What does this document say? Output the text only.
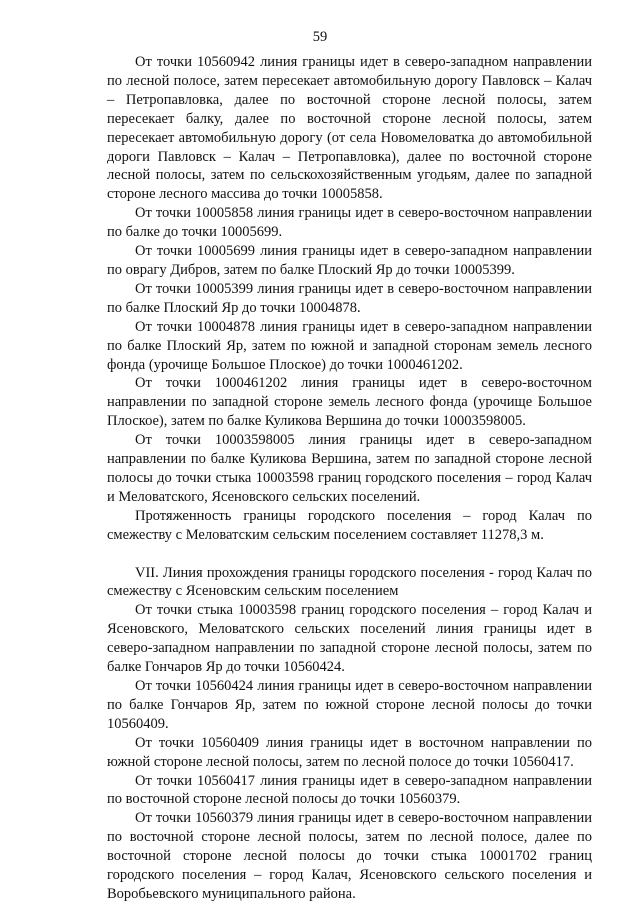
59

От точки 10560942 линия границы идет в северо-западном направлении по лесной полосе, затем пересекает автомобильную дорогу Павловск – Калач – Петропавловка, далее по восточной стороне лесной полосы, затем пересекает балку, далее по восточной стороне лесной полосы, затем пересекает автомобильную дорогу (от села Новомеловатка до автомобильной дороги Павловск – Калач – Петропавловка), далее по восточной стороне лесной полосы, затем по сельскохозяйственным угодьям, далее по западной стороне лесного массива до точки 10005858.

От точки 10005858 линия границы идет в северо-восточном направлении по балке до точки 10005699.

От точки 10005699 линия границы идет в северо-западном направлении по оврагу Дибров, затем по балке Плоский Яр до точки 10005399.

От точки 10005399 линия границы идет в северо-восточном направлении по балке Плоский Яр до точки 10004878.

От точки 10004878 линия границы идет в северо-западном направлении по балке Плоский Яр, затем по южной и западной сторонам земель лесного фонда (урочище Большое Плоское) до точки 1000461202.

От точки 1000461202 линия границы идет в северо-восточном направлении по западной стороне земель лесного фонда (урочище Большое Плоское), затем по балке Куликова Вершина до точки 10003598005.

От точки 10003598005 линия границы идет в северо-западном направлении по балке Куликова Вершина, затем по западной стороне лесной полосы до точки стыка 10003598 границ городского поселения – город Калач и Меловатского, Ясеновского сельских поселений.

Протяженность границы городского поселения – город Калач по смежеству с Меловатским сельским поселением составляет 11278,3 м.

VII. Линия прохождения границы городского поселения - город Калач по смежеству с Ясеновским сельским поселением

От точки стыка 10003598 границ городского поселения – город Калач и Ясеновского, Меловатского сельских поселений линия границы идет в северо-западном направлении по западной стороне лесной полосы, затем по балке Гончаров Яр до точки 10560424.

От точки 10560424 линия границы идет в северо-восточном направлении по балке Гончаров Яр, затем по южной стороне лесной полосы до точки 10560409.

От точки 10560409 линия границы идет в восточном направлении по южной стороне лесной полосы, затем по лесной полосе до точки 10560417.

От точки 10560417 линия границы идет в северо-западном направлении по восточной стороне лесной полосы до точки 10560379.

От точки 10560379 линия границы идет в северо-восточном направлении по восточной стороне лесной полосы, затем по лесной полосе, далее по восточной стороне лесной полосы до точки стыка 10001702 границ городского поселения – город Калач, Ясеновского сельского поселения и Воробьевского муниципального района.
